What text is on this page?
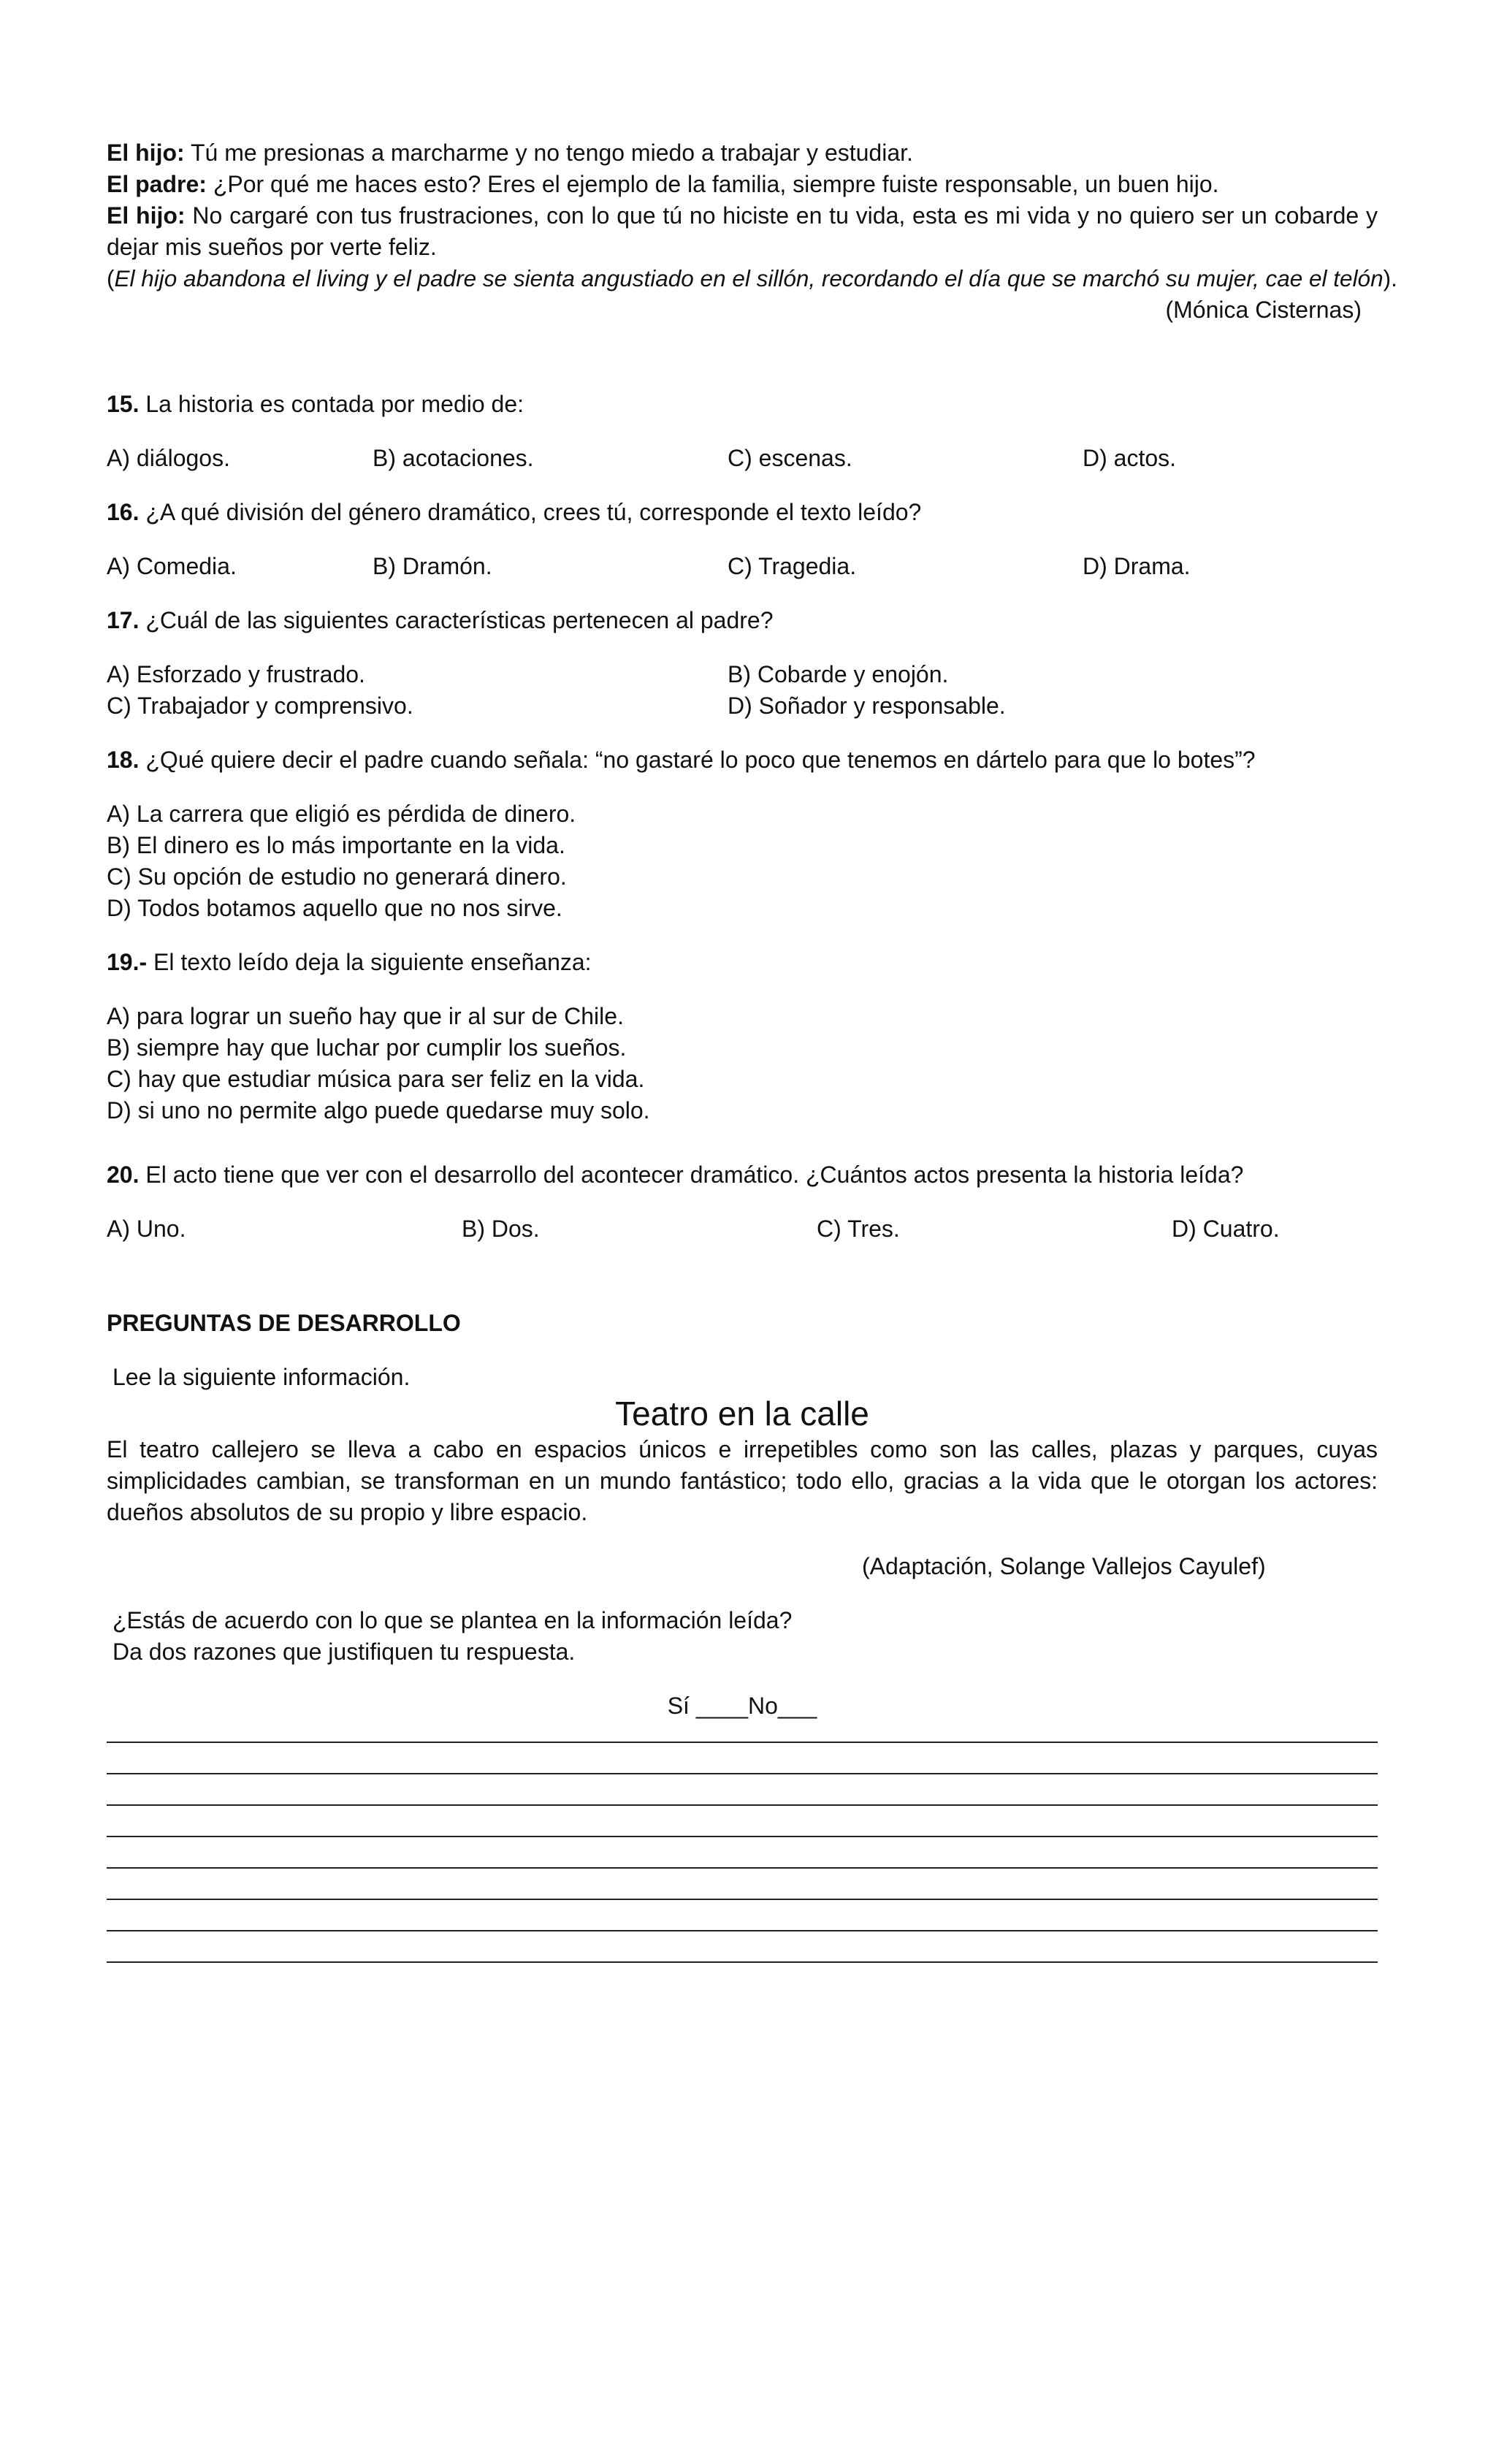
El hijo: Tú me presionas a marcharme y no tengo miedo a trabajar y estudiar.
El padre: ¿Por qué me haces esto? Eres el ejemplo de la familia, siempre fuiste responsable, un buen hijo.
El hijo: No cargaré con tus frustraciones, con lo que tú no hiciste en tu vida, esta es mi vida y no quiero ser un cobarde y dejar mis sueños por verte feliz.
(El hijo abandona el living y el padre se sienta angustiado en el sillón, recordando el día que se marchó su mujer, cae el telón).
(Mónica Cisternas)
15. La historia es contada por medio de:
A) diálogos.	B) acotaciones.	C) escenas.	D) actos.
16. ¿A qué división del género dramático, crees tú, corresponde el texto leído?
A) Comedia.	B) Dramón.	C) Tragedia.	D) Drama.
17. ¿Cuál de las siguientes características pertenecen al padre?
A) Esforzado y frustrado.	B) Cobarde y enojón.
C) Trabajador y comprensivo.	D) Soñador y responsable.
18. ¿Qué quiere decir el padre cuando señala: “no gastaré lo poco que tenemos en dártelo para que lo botes”?
A) La carrera que eligió es pérdida de dinero.
B) El dinero es lo más importante en la vida.
C) Su opción de estudio no generará dinero.
D) Todos botamos aquello que no nos sirve.
19.- El texto leído deja la siguiente enseñanza:
A) para lograr un sueño hay que ir al sur de Chile.
B) siempre hay que luchar por cumplir los sueños.
C) hay que estudiar música para ser feliz en la vida.
D) si uno no permite algo puede quedarse muy solo.
20. El acto tiene que ver con el desarrollo del acontecer dramático. ¿Cuántos actos presenta la historia leída?
A) Uno.	B) Dos.	C) Tres.	D) Cuatro.
PREGUNTAS DE DESARROLLO
Lee la siguiente información.
Teatro en la calle
El teatro callejero se lleva a cabo en espacios únicos e irrepetibles como son las calles, plazas y parques, cuyas simplicidades cambian, se transforman en un mundo fantástico; todo ello, gracias a la vida que le otorgan los actores: dueños absolutos de su propio y libre espacio.
(Adaptación, Solange Vallejos Cayulef)
¿Estás de acuerdo con lo que se plantea en la información leída?
Da dos razones que justifiquen tu respuesta.
Sí ____No___
